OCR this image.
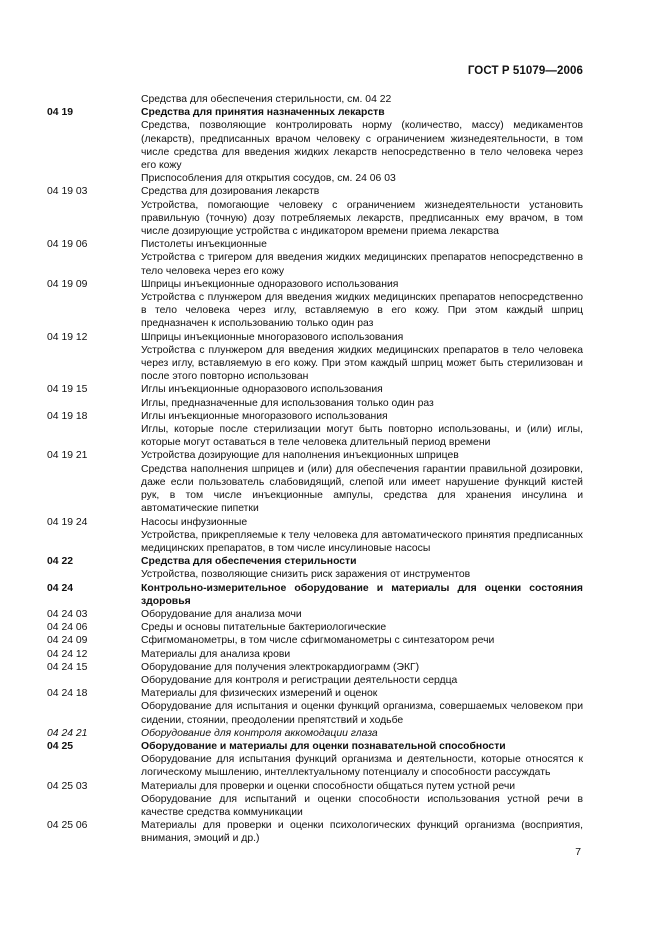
ГОСТ Р 51079—2006
Средства для обеспечения стерильности, см. 04 22
04 19	Средства для принятия назначенных лекарств
Средства, позволяющие контролировать норму (количество, массу) медикаментов (лекарств), предписанных врачом человеку с ограничением жизнедеятельности, в том числе средства для введения жидких лекарств непосредственно в тело человека через его кожу
Приспособления для открытия сосудов, см. 24 06 03
04 19 03	Средства для дозирования лекарств
Устройства, помогающие человеку с ограничением жизнедеятельности установить правильную (точную) дозу потребляемых лекарств, предписанных ему врачом, в том числе дозирующие устройства с индикатором времени приема лекарства
04 19 06	Пистолеты инъекционные
Устройства с тригером для введения жидких медицинских препаратов непосредственно в тело человека через его кожу
04 19 09	Шприцы инъекционные одноразового использования
Устройства с плунжером для введения жидких медицинских препаратов непосредственно в тело человека через иглу, вставляемую в его кожу. При этом каждый шприц предназначен к использованию только один раз
04 19 12	Шприцы инъекционные многоразового использования
Устройства с плунжером для введения жидких медицинских препаратов в тело человека через иглу, вставляемую в его кожу. При этом каждый шприц может быть стерилизован и после этого повторно использован
04 19 15	Иглы инъекционные одноразового использования
Иглы, предназначенные для использования только один раз
04 19 18	Иглы инъекционные многоразового использования
Иглы, которые после стерилизации могут быть повторно использованы, и (или) иглы, которые могут оставаться в теле человека длительный период времени
04 19 21	Устройства дозирующие для наполнения инъекционных шприцев
Средства наполнения шприцев и (или) для обеспечения гарантии правильной дозировки, даже если пользователь слабовидящий, слепой или имеет нарушение функций кистей рук, в том числе инъекционные ампулы, средства для хранения инсулина и автоматические пипетки
04 19 24	Насосы инфузионные
Устройства, прикрепляемые к телу человека для автоматического принятия предписанных медицинских препаратов, в том числе инсулиновые насосы
04 22	Средства для обеспечения стерильности
Устройства, позволяющие снизить риск заражения от инструментов
04 24	Контрольно-измерительное оборудование и материалы для оценки состояния здоровья
04 24 03	Оборудование для анализа мочи
04 24 06	Среды и основы питательные бактериологические
04 24 09	Сфигмоманометры, в том числе сфигмоманометры с синтезатором речи
04 24 12	Материалы для анализа крови
04 24 15	Оборудование для получения электрокардиограмм (ЭКГ)
Оборудование для контроля и регистрации деятельности сердца
04 24 18	Материалы для физических измерений и оценок
Оборудование для испытания и оценки функций организма, совершаемых человеком при сидении, стоянии, преодолении препятствий и ходьбе
04 24 21	Оборудование для контроля аккомодации глаза
04 25	Оборудование и материалы для оценки познавательной способности
Оборудование для испытания функций организма и деятельности, которые относятся к логическому мышлению, интеллектуальному потенциалу и способности рассуждать
04 25 03	Материалы для проверки и оценки способности общаться путем устной речи
Оборудование для испытаний и оценки способности использования устной речи в качестве средства коммуникации
04 25 06	Материалы для проверки и оценки психологических функций организма (восприятия, внимания, эмоций и др.)
7
